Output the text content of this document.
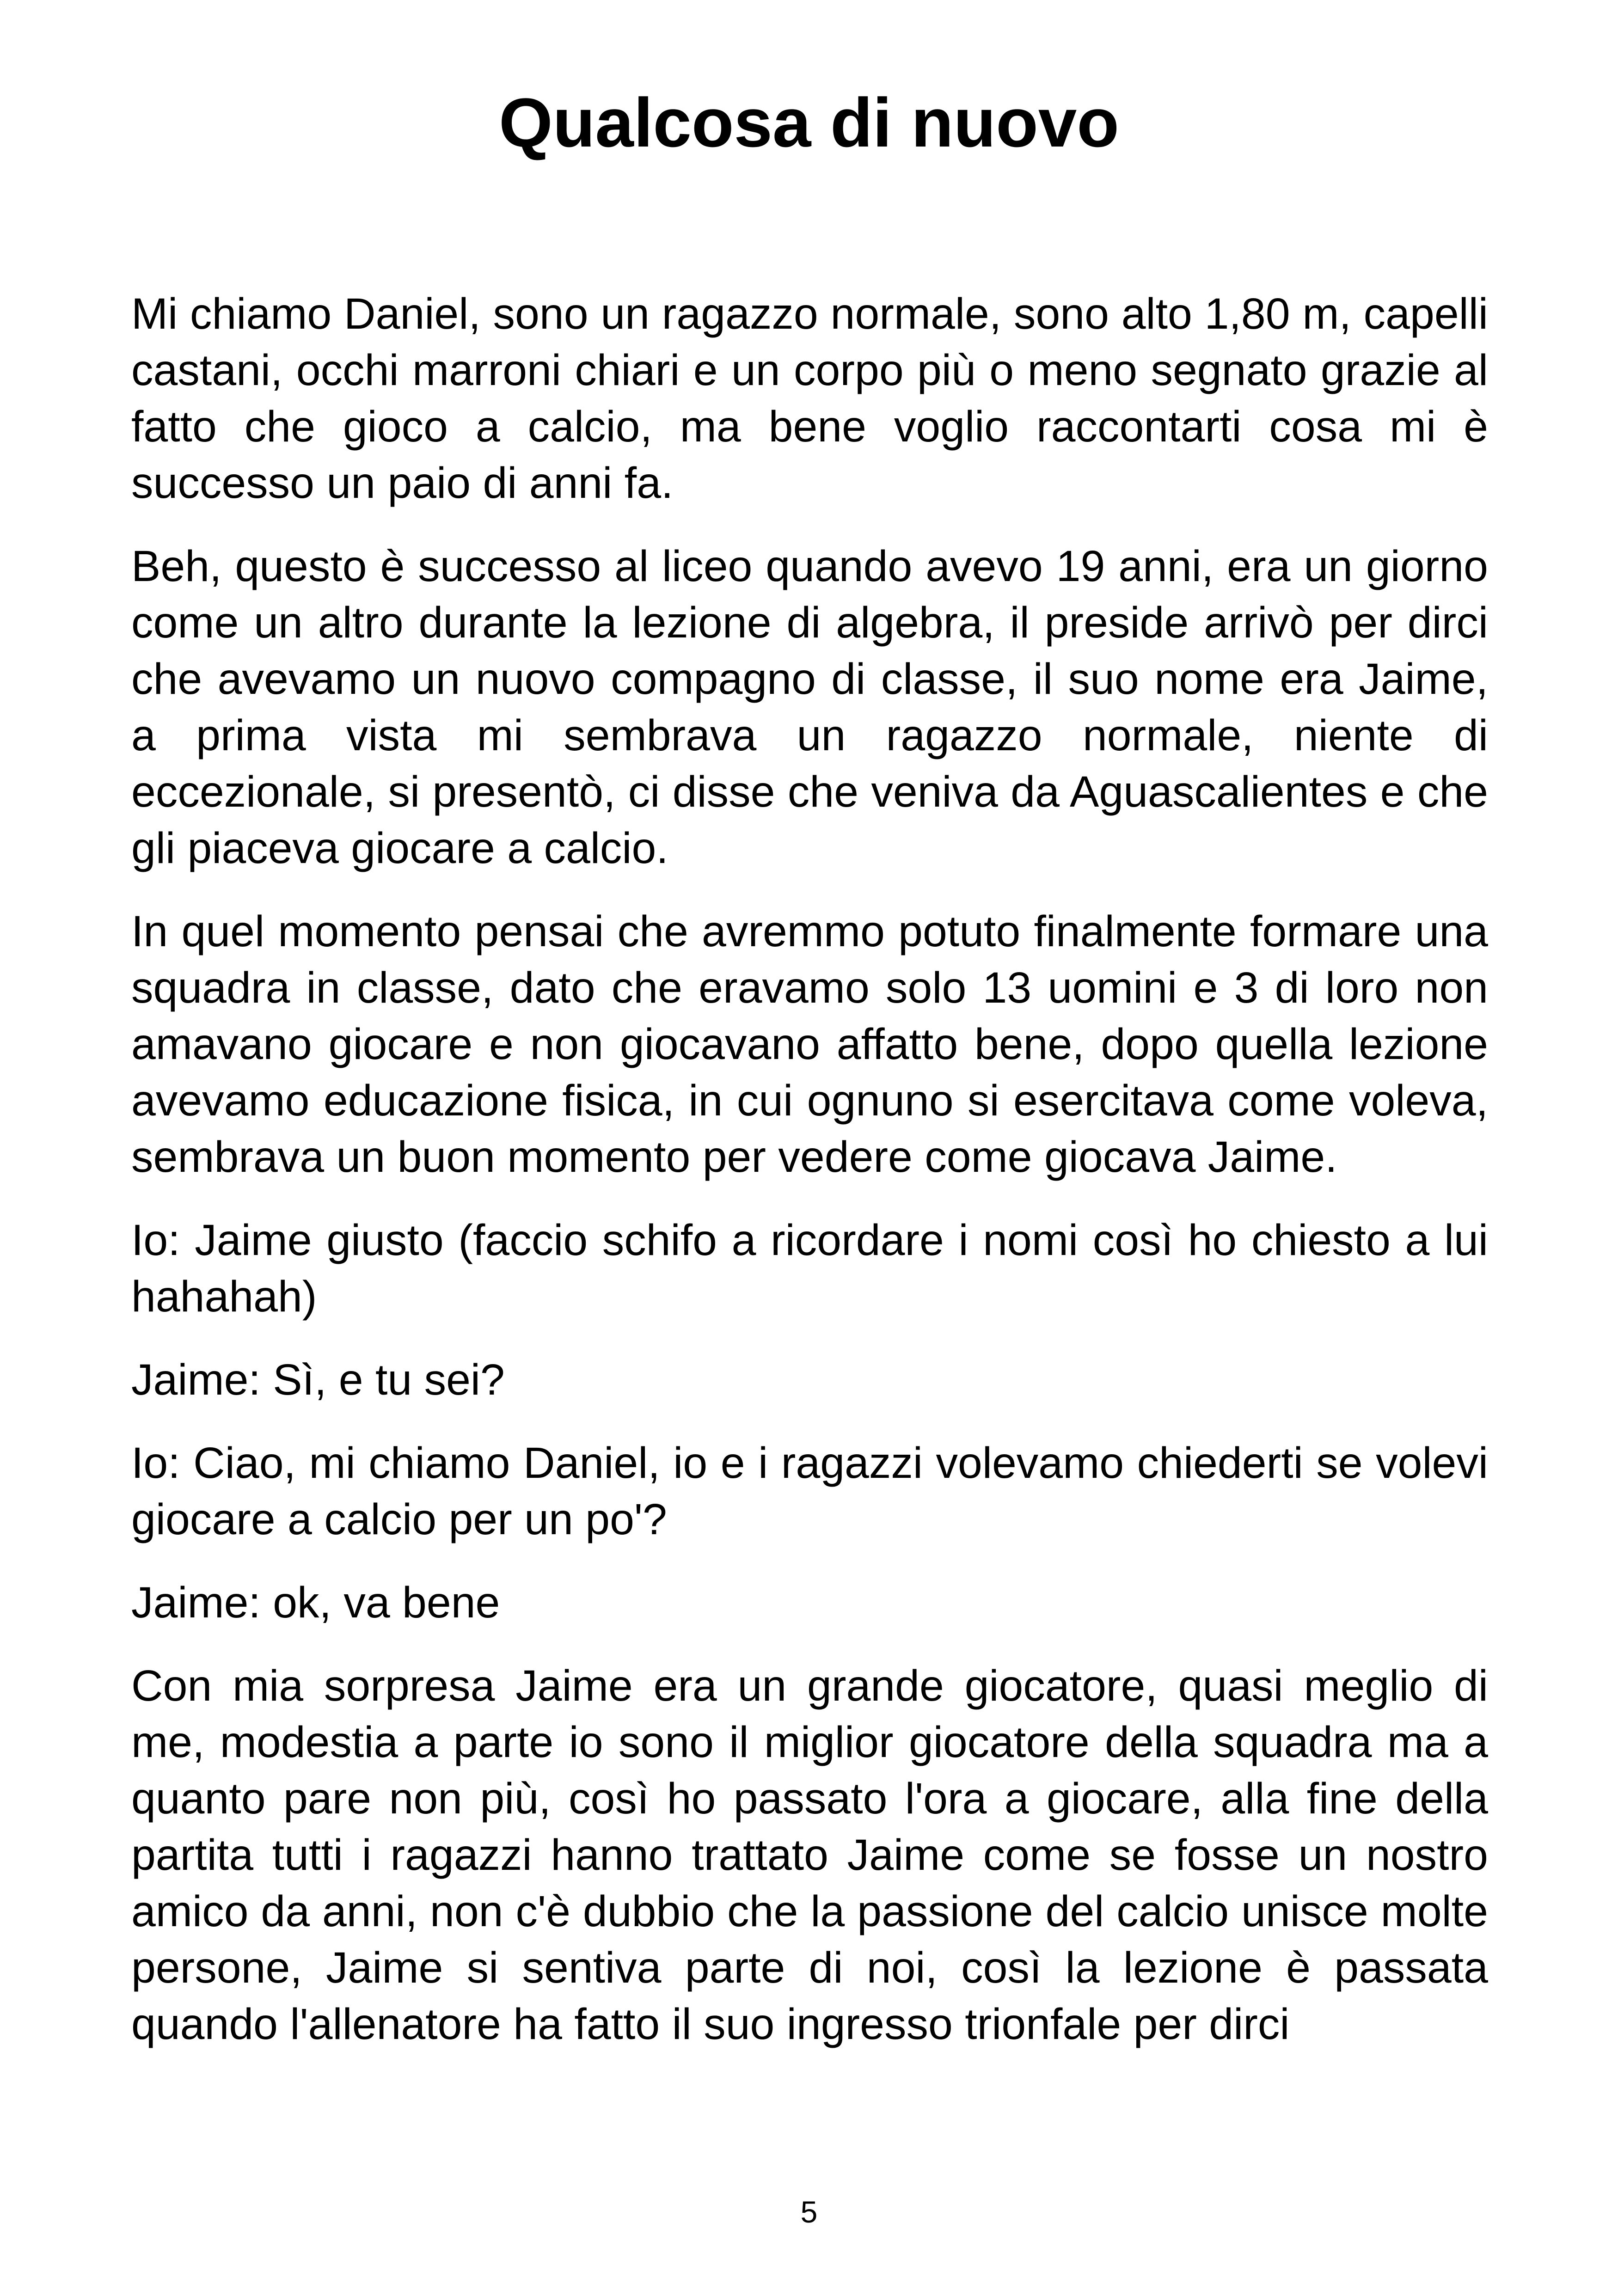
Qualcosa di nuovo

Mi chiamo Daniel, sono un ragazzo normale, sono alto 1,80 m, capelli castani, occhi marroni chiari e un corpo più o meno segnato grazie al fatto che gioco a calcio, ma bene voglio raccontarti cosa mi è successo un paio di anni fa.

Beh, questo è successo al liceo quando avevo 19 anni, era un giorno come un altro durante la lezione di algebra, il preside arrivò per dirci che avevamo un nuovo compagno di classe, il suo nome era Jaime, a prima vista mi sembrava un ragazzo normale, niente di eccezionale, si presentò, ci disse che veniva da Aguascalientes e che gli piaceva giocare a calcio.

In quel momento pensai che avremmo potuto finalmente formare una squadra in classe, dato che eravamo solo 13 uomini e 3 di loro non amavano giocare e non giocavano affatto bene, dopo quella lezione avevamo educazione fisica, in cui ognuno si esercitava come voleva, sembrava un buon momento per vedere come giocava Jaime.

Io: Jaime giusto (faccio schifo a ricordare i nomi così ho chiesto a lui hahahah)

Jaime: Sì, e tu sei?

Io: Ciao, mi chiamo Daniel, io e i ragazzi volevamo chiederti se volevi giocare a calcio per un po'?

Jaime: ok, va bene

Con mia sorpresa Jaime era un grande giocatore, quasi meglio di me, modestia a parte io sono il miglior giocatore della squadra ma a quanto pare non più, così ho passato l'ora a giocare, alla fine della partita tutti i ragazzi hanno trattato Jaime come se fosse un nostro amico da anni, non c'è dubbio che la passione del calcio unisce molte persone, Jaime si sentiva parte di noi, così la lezione è passata quando l'allenatore ha fatto il suo ingresso trionfale per dirci

5
